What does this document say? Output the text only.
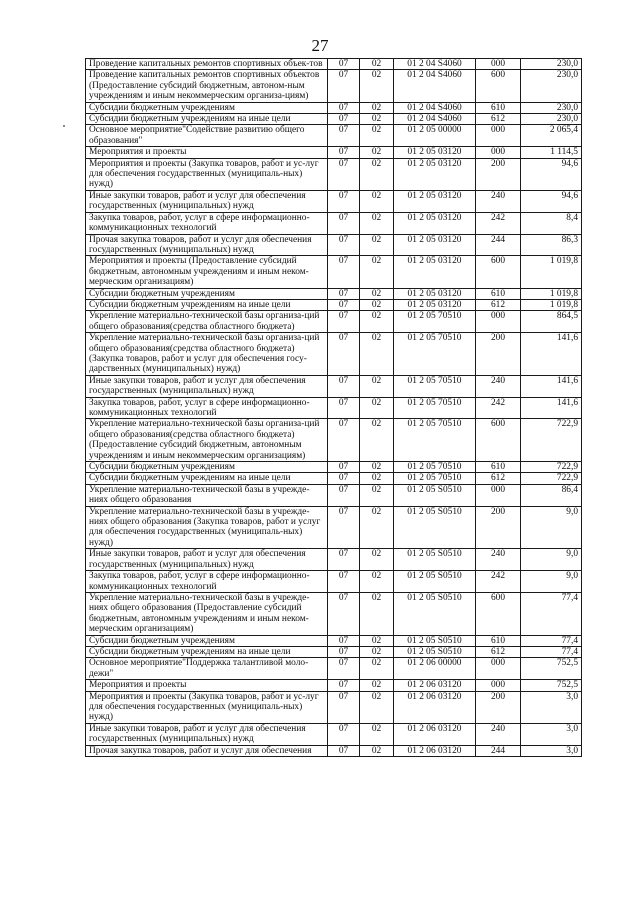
27
Проведение капитальных ремонтов спортивных объек-тов	07	02	01 2 04 S4060	000	230,0
Проведение капитальных ремонтов спортивных объектов (Предоставление субсидий бюджетным, автоном-ным учреждениям и иным некоммерческим организа-циям)	07	02	01 2 04 S4060	600	230,0
Субсидии бюджетным учреждениям	07	02	01 2 04 S4060	610	230,0
Субсидии бюджетным учреждениям на иные цели	07	02	01 2 04 S4060	612	230,0
Основное мероприятие"Содействие развитию общего образования"	07	02	01 2 05 00000	000	2 065,4
Мероприятия и проекты	07	02	01 2 05 03120	000	1 114,5
Мероприятия и проекты (Закупка товаров, работ и ус-луг для обеспечения государственных (муниципаль-ных) нужд)	07	02	01 2 05 03120	200	94,6
Иные закупки товаров, работ и услуг для обеспечения государственных (муниципальных) нужд	07	02	01 2 05 03120	240	94,6
Закупка товаров, работ, услуг в сфере информационно-коммуникационных технологий	07	02	01 2 05 03120	242	8,4
Прочая закупка товаров, работ и услуг для обеспечения государственных (муниципальных) нужд	07	02	01 2 05 03120	244	86,3
Мероприятия и проекты (Предоставление субсидий бюджетным, автономным учреждениям и иным неком-мерческим организациям)	07	02	01 2 05 03120	600	1 019,8
Субсидии бюджетным учреждениям	07	02	01 2 05 03120	610	1 019,8
Субсидии бюджетным учреждениям на иные цели	07	02	01 2 05 03120	612	1 019,8
Укрепление материально-технической базы организа-ций общего образования(средства областного бюджета)	07	02	01 2 05 70510	000	864,5
Укрепление материально-технической базы организа-ций общего образования(средства областного бюджета) (Закупка товаров, работ и услуг для обеспечения госу-дарственных (муниципальных) нужд)	07	02	01 2 05 70510	200	141,6
Иные закупки товаров, работ и услуг для обеспечения государственных (муниципальных) нужд	07	02	01 2 05 70510	240	141,6
Закупка товаров, работ, услуг в сфере информационно-коммуникационных технологий	07	02	01 2 05 70510	242	141,6
Укрепление материально-технической базы организа-ций общего образования(средства областного бюджета) (Предоставление субсидий бюджетным, автономным учреждениям и иным некоммерческим организациям)	07	02	01 2 05 70510	600	722,9
Субсидии бюджетным учреждениям	07	02	01 2 05 70510	610	722,9
Субсидии бюджетным учреждениям на иные цели	07	02	01 2 05 70510	612	722,9
Укрепление материально-технической базы в учрежде-ниях общего образования	07	02	01 2 05 S0510	000	86,4
Укрепление материально-технической базы в учрежде-ниях общего образования (Закупка товаров, работ и услуг для обеспечения государственных (муниципаль-ных) нужд)	07	02	01 2 05 S0510	200	9,0
Иные закупки товаров, работ и услуг для обеспечения государственных (муниципальных) нужд	07	02	01 2 05 S0510	240	9,0
Закупка товаров, работ, услуг в сфере информационно-коммуникационных технологий	07	02	01 2 05 S0510	242	9,0
Укрепление материально-технической базы в учрежде-ниях общего образования (Предоставление субсидий бюджетным, автономным учреждениям и иным неком-мерческим организациям)	07	02	01 2 05 S0510	600	77,4
Субсидии бюджетным учреждениям	07	02	01 2 05 S0510	610	77,4
Субсидии бюджетным учреждениям на иные цели	07	02	01 2 05 S0510	612	77,4
Основное мероприятие"Поддержка талантливой моло-дежи"	07	02	01 2 06 00000	000	752,5
Мероприятия и проекты	07	02	01 2 06 03120	000	752,5
Мероприятия и проекты (Закупка товаров, работ и ус-луг для обеспечения государственных (муниципаль-ных) нужд)	07	02	01 2 06 03120	200	3,0
Иные закупки товаров, работ и услуг для обеспечения государственных (муниципальных) нужд	07	02	01 2 06 03120	240	3,0
Прочая закупка товаров, работ и услуг для обеспечения	07	02	01 2 06 03120	244	3,0
